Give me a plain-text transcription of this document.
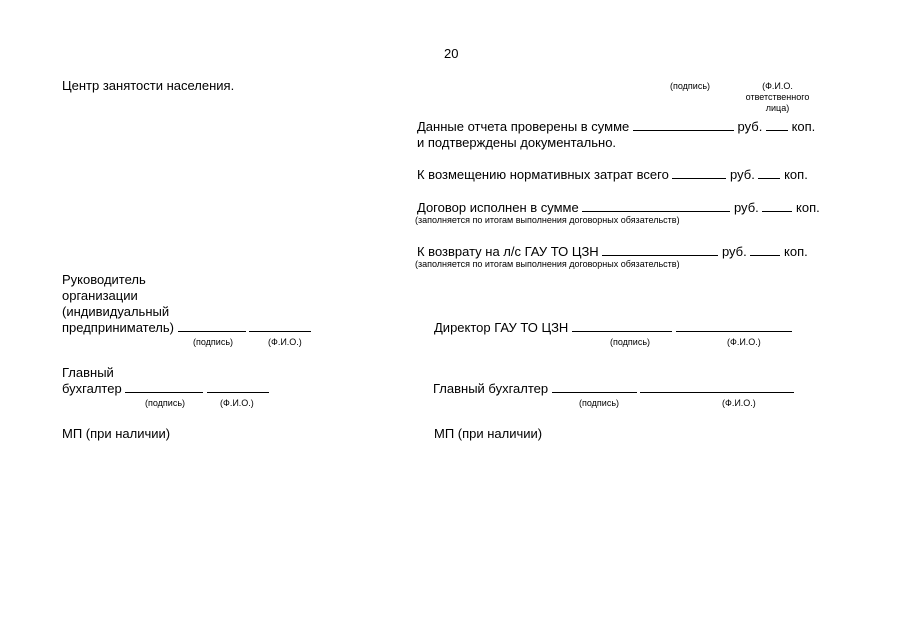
20
Центр занятости населения.	(подпись)	(Ф.И.О.
ответственного
лица)
Данные отчета проверены в сумме	руб. коп.
и подтверждены документально.
К возмещению нормативных затрат всего	руб. коп.
Договор исполнен в сумме	руб.	коп.
(заполняется по итогам выполнения договорных обязательств)
К возврату на л/с ГАУ ТО ЦЗН	руб.	коп.
(заполняется по итогам выполнения договорных обязательств)
Руководитель
организации
(индивидуальный
предприниматель)
(подпись)	(Ф.И.О.)
Главный
бухгалтер
(подпись)	(Ф.И.О.)
МП (при наличии)
Директор ГАУ ТО ЦЗН
(подпись)	(Ф.И.О.)
Главный бухгалтер
(подпись)	(Ф.И.О.)
МП (при наличии)
